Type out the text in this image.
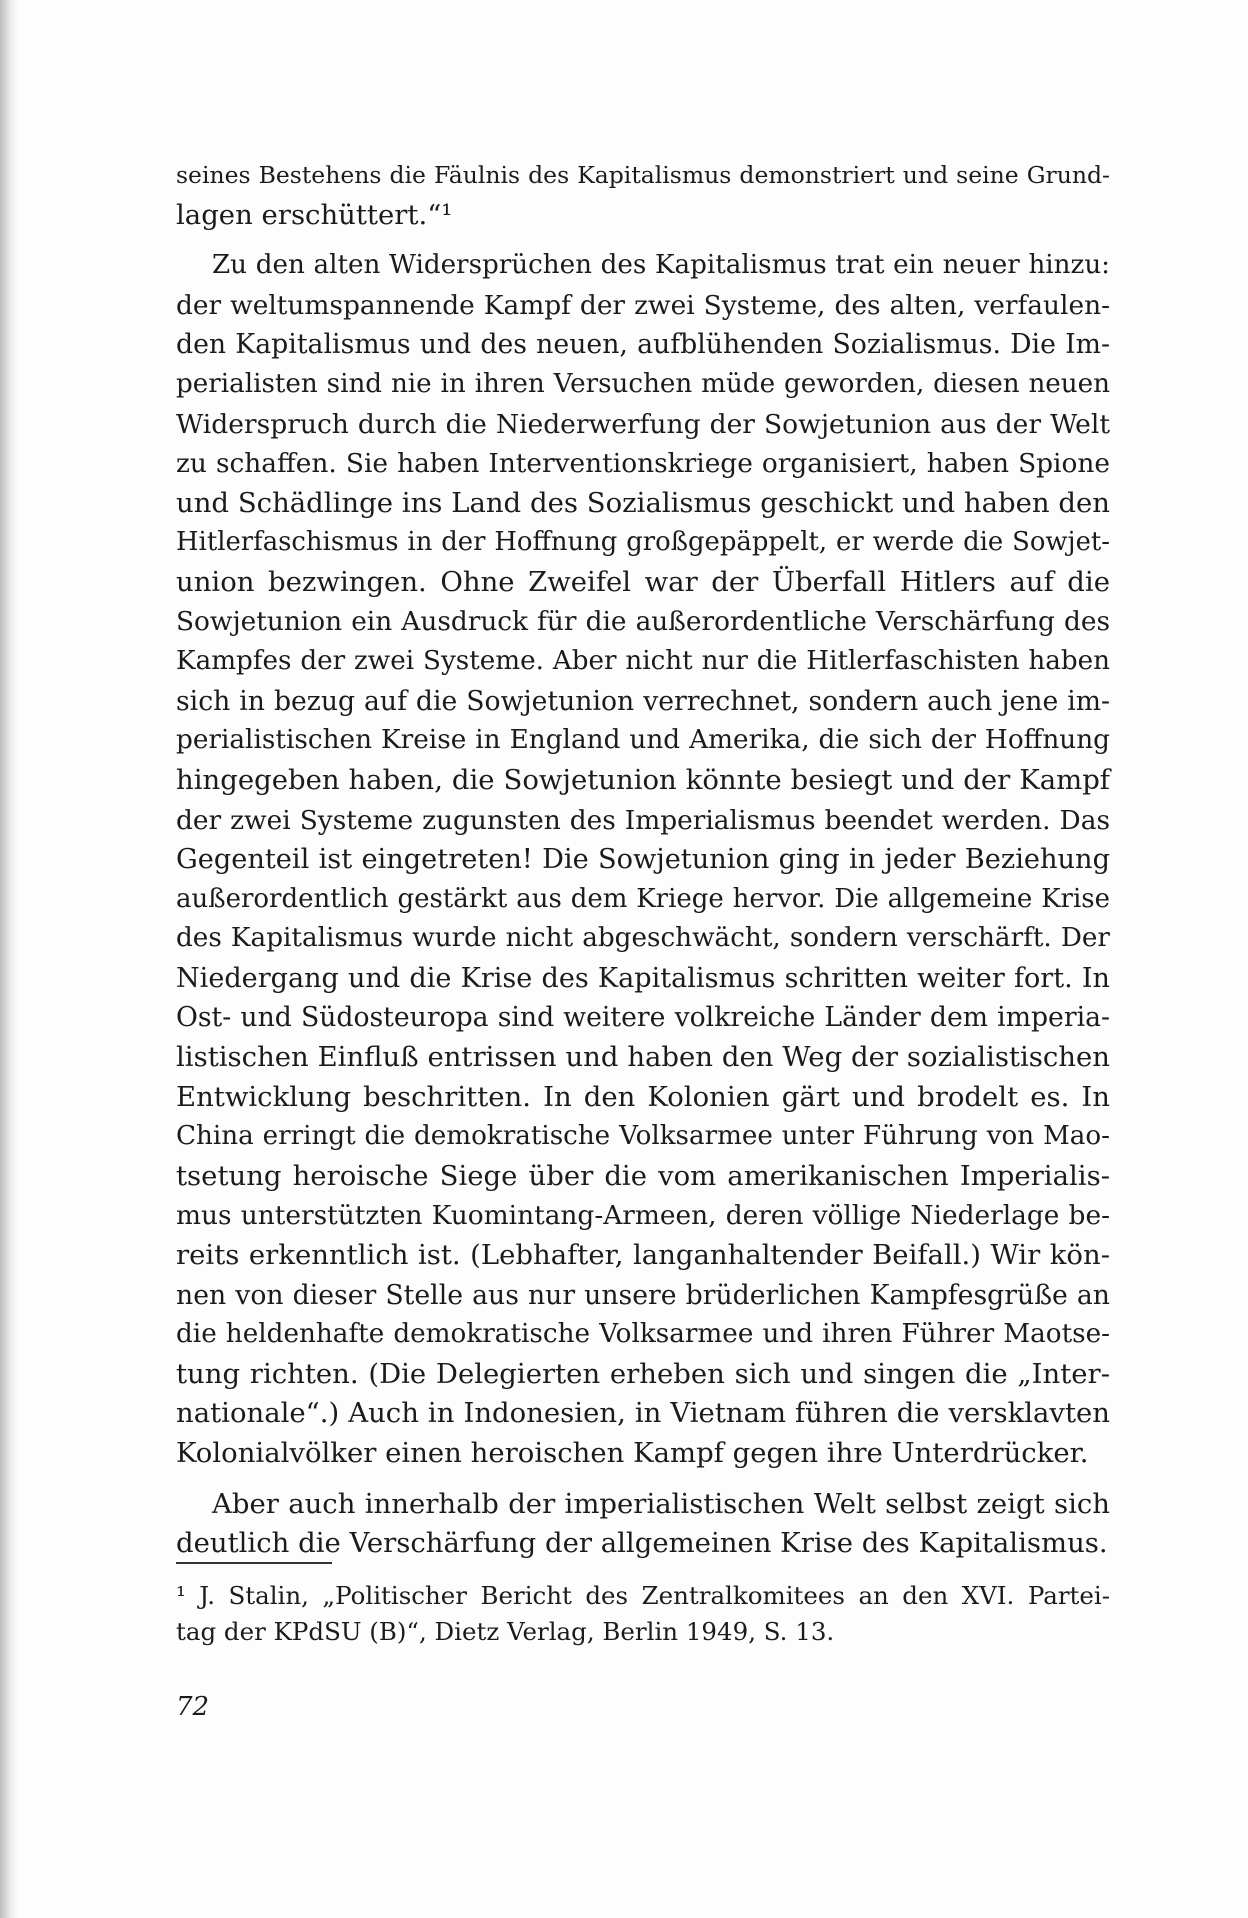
seines Bestehens die Fäulnis des Kapitalismus demonstriert und seine Grund-
lagen erschüttert.“¹
Zu den alten Widersprüchen des Kapitalismus trat ein neuer hinzu:
der weltumspannende Kampf der zwei Systeme, des alten, verfaulen-
den Kapitalismus und des neuen, aufblühenden Sozialismus. Die Im-
perialisten sind nie in ihren Versuchen müde geworden, diesen neuen
Widerspruch durch die Niederwerfung der Sowjetunion aus der Welt
zu schaffen. Sie haben Interventionskriege organisiert, haben Spione
und Schädlinge ins Land des Sozialismus geschickt und haben den
Hitlerfaschismus in der Hoffnung großgepäppelt, er werde die Sowjet-
union bezwingen. Ohne Zweifel war der Überfall Hitlers auf die
Sowjetunion ein Ausdruck für die außerordentliche Verschärfung des
Kampfes der zwei Systeme. Aber nicht nur die Hitlerfaschisten haben
sich in bezug auf die Sowjetunion verrechnet, sondern auch jene im-
perialistischen Kreise in England und Amerika, die sich der Hoffnung
hingegeben haben, die Sowjetunion könnte besiegt und der Kampf
der zwei Systeme zugunsten des Imperialismus beendet werden. Das
Gegenteil ist eingetreten! Die Sowjetunion ging in jeder Beziehung
außerordentlich gestärkt aus dem Kriege hervor. Die allgemeine Krise
des Kapitalismus wurde nicht abgeschwächt, sondern verschärft. Der
Niedergang und die Krise des Kapitalismus schritten weiter fort. In
Ost- und Südosteuropa sind weitere volkreiche Länder dem imperia-
listischen Einfluß entrissen und haben den Weg der sozialistischen
Entwicklung beschritten. In den Kolonien gärt und brodelt es. In
China erringt die demokratische Volksarmee unter Führung von Mao-
tsetung heroische Siege über die vom amerikanischen Imperialis-
mus unterstützten Kuomintang-Armeen, deren völlige Niederlage be-
reits erkenntlich ist. (Lebhafter, langanhaltender Beifall.) Wir kön-
nen von dieser Stelle aus nur unsere brüderlichen Kampfesgrüße an
die heldenhafte demokratische Volksarmee und ihren Führer Maotse-
tung richten. (Die Delegierten erheben sich und singen die „Inter-
nationale“.) Auch in Indonesien, in Vietnam führen die versklavten
Kolonialvölker einen heroischen Kampf gegen ihre Unterdrücker.
Aber auch innerhalb der imperialistischen Welt selbst zeigt sich
deutlich die Verschärfung der allgemeinen Krise des Kapitalismus.
¹ J. Stalin, „Politischer Bericht des Zentralkomitees an den XVI. Partei-
tag der KPdSU (B)“, Dietz Verlag, Berlin 1949, S. 13.
72
